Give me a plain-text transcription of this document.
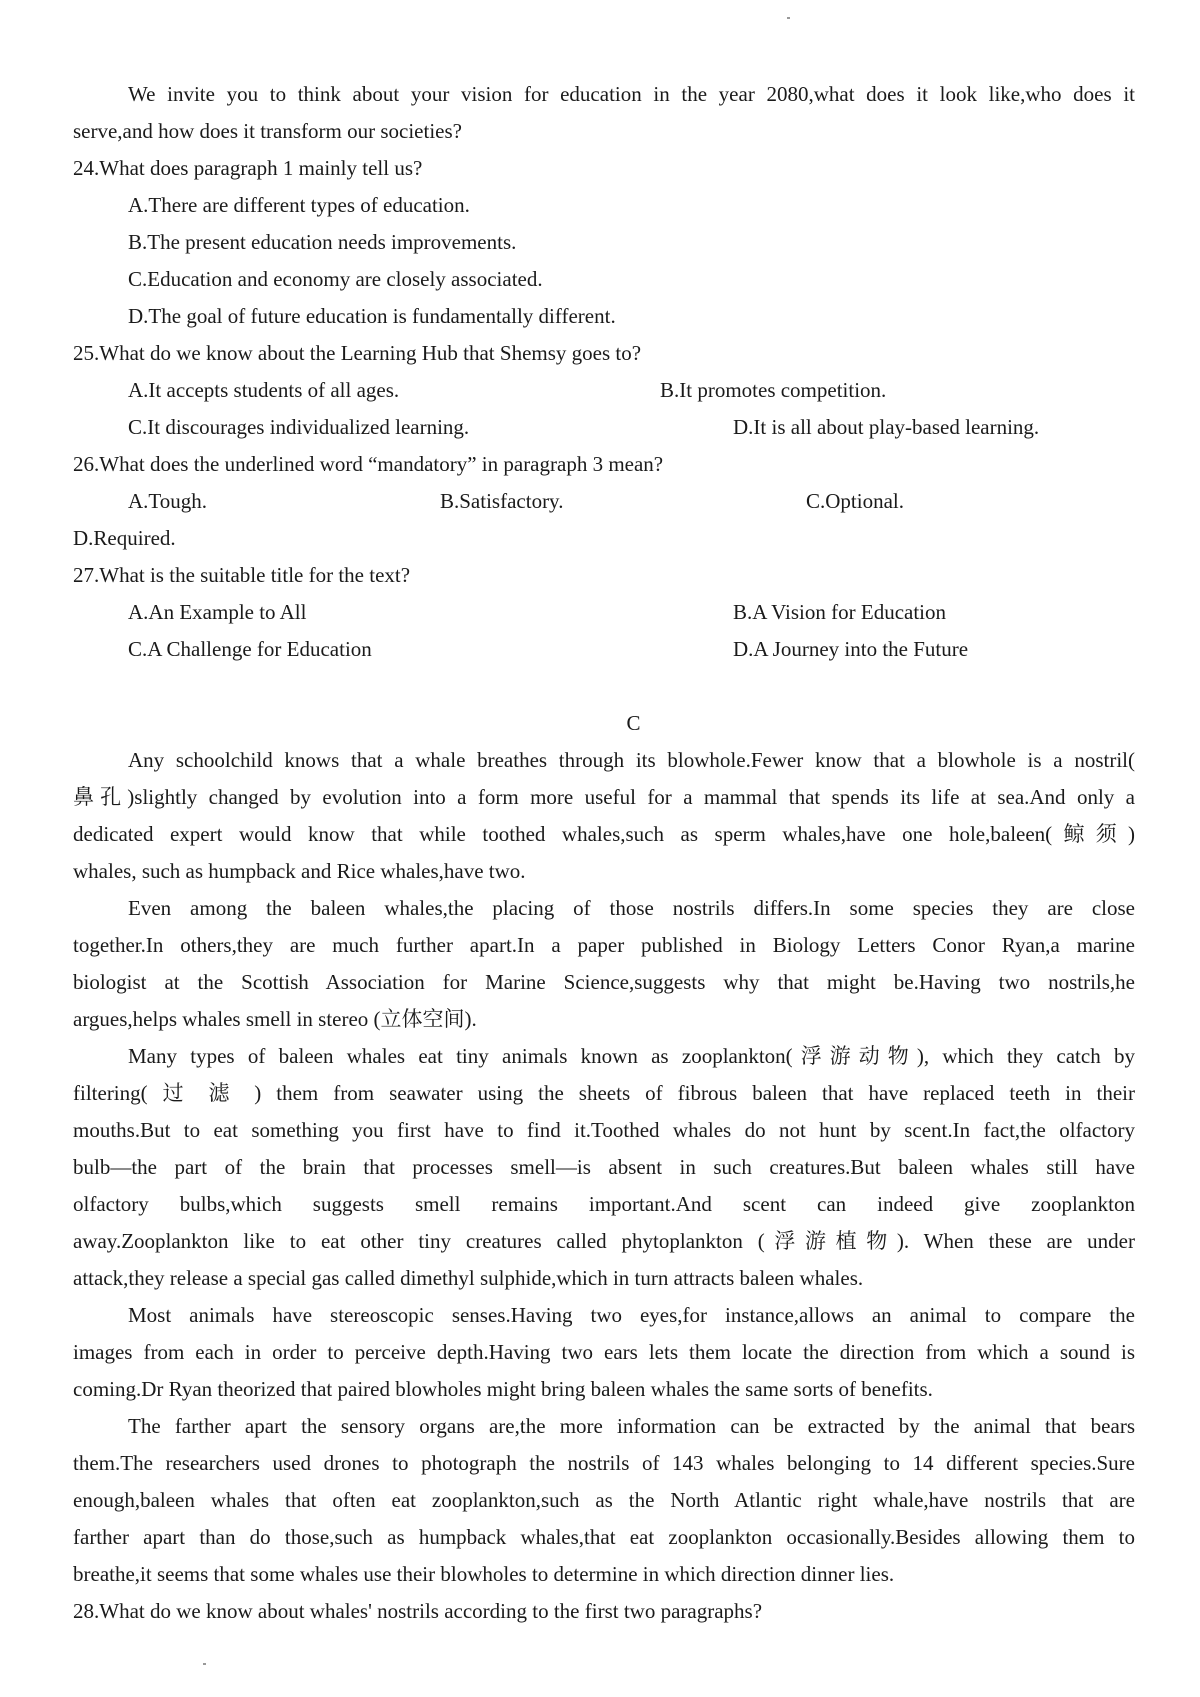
We invite you to think about your vision for education in the year 2080,what does it look like,who does it
serve,and how does it transform our societies?
24.What does paragraph 1 mainly tell us?
A.There are different types of education.
B.The present education needs improvements.
C.Education and economy are closely associated.
D.The goal of future education is fundamentally different.
25.What do we know about the Learning Hub that Shemsy goes to?
A.It accepts students of all ages.	B.It promotes competition.
C.It discourages individualized learning.	D.It is all about play-based learning.
26.What does the underlined word “mandatory” in paragraph 3 mean?
A.Tough.	B.Satisfactory.	C.Optional.
D.Required.
27.What is the suitable title for the text?
A.An Example to All	B.A Vision for Education
C.A Challenge for Education	D.A Journey into the Future
C
Any schoolchild knows that a whale breathes through its blowhole.Fewer know that a blowhole is a nostril(
鼻孔)slightly changed by evolution into a form more useful for a mammal that spends its life at sea.And only a
dedicated expert would know that while toothed whales,such as sperm whales,have one hole,baleen(鲸须)
whales, such as humpback and Rice whales,have two.
Even among the baleen whales,the placing of those nostrils differs.In some species they are close
together.In others,they are much further apart.In a paper published in Biology Letters Conor Ryan,a marine
biologist at the Scottish Association for Marine Science,suggests why that might be.Having two nostrils,he
argues,helps whales smell in stereo (立体空间).
Many types of baleen whales eat tiny animals known as zooplankton(浮游动物), which they catch by
filtering( 过 滤 ) them from seawater using the sheets of fibrous baleen that have replaced teeth in their
mouths.But to eat something you first have to find it.Toothed whales do not hunt by scent.In fact,the olfactory
bulb—the part of the brain that processes smell—is absent in such creatures.But baleen whales still have
olfactory bulbs,which suggests smell remains important.And scent can indeed give zooplankton
away.Zooplankton like to eat other tiny creatures called phytoplankton (浮游植物). When these are under
attack,they release a special gas called dimethyl sulphide,which in turn attracts baleen whales.
Most animals have stereoscopic senses.Having two eyes,for instance,allows an animal to compare the
images from each in order to perceive depth.Having two ears lets them locate the direction from which a sound is
coming.Dr Ryan theorized that paired blowholes might bring baleen whales the same sorts of benefits.
The farther apart the sensory organs are,the more information can be extracted by the animal that bears
them.The researchers used drones to photograph the nostrils of 143 whales belonging to 14 different species.Sure
enough,baleen whales that often eat zooplankton,such as the North Atlantic right whale,have nostrils that are
farther apart than do those,such as humpback whales,that eat zooplankton occasionally.Besides allowing them to
breathe,it seems that some whales use their blowholes to determine in which direction dinner lies.
28.What do we know about whales' nostrils according to the first two paragraphs?
